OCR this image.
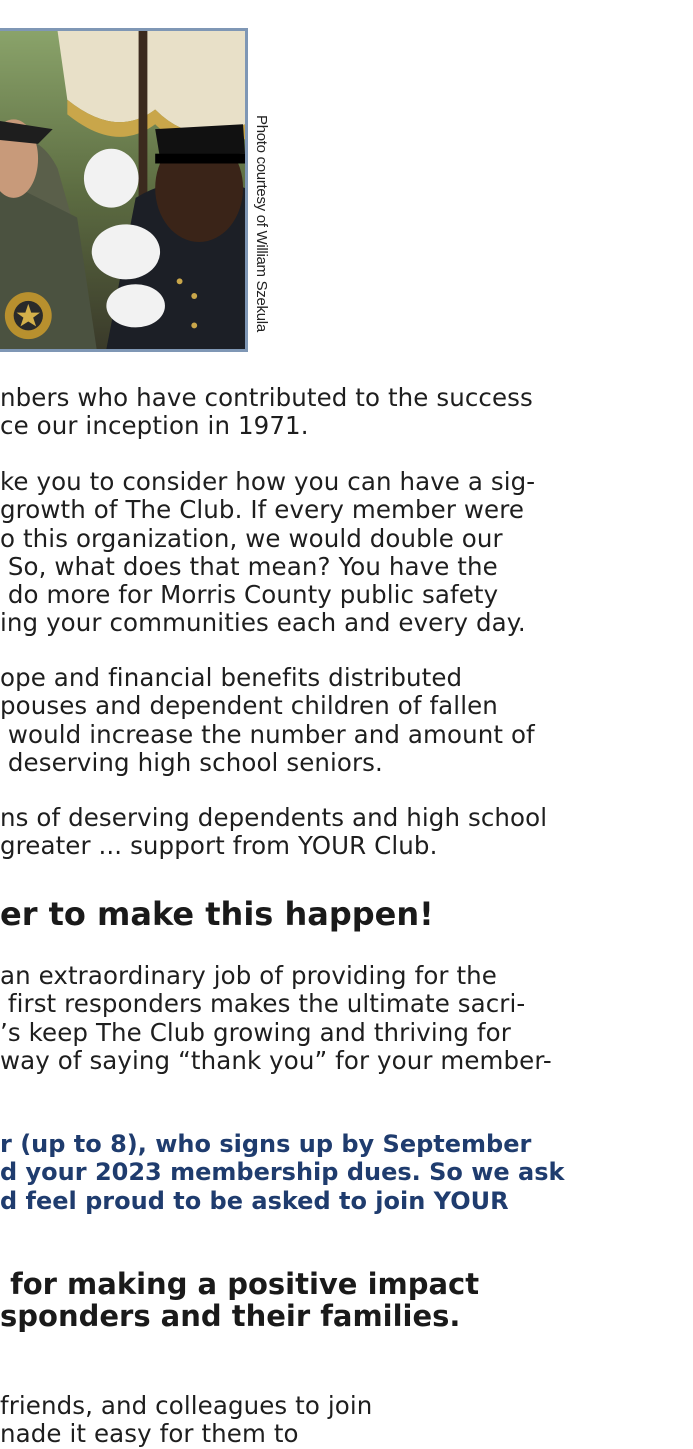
Photo courtesy of William Szekula

nbers who have contributed to the success
ce our inception in 1971.

ke you to consider how you can have a sig-
growth of The Club. If every member were
o this organization, we would double our
So, what does that mean? You have the
do more for Morris County public safety
ing your communities each and every day.

ope and financial benefits distributed
pouses and dependent children of fallen
would increase the number and amount of
deserving high school seniors.

ns of deserving dependents and high school
greater ... support from YOUR Club.

er to make this happen!

an extraordinary job of providing for the
first responders makes the ultimate sacri-
’s keep The Club growing and thriving for
way of saying “thank you” for your member-

r (up to 8), who signs up by September
d your 2023 membership dues. So we ask
d feel proud to be asked to join YOUR

for making a positive impact
sponders and their families.

friends, and colleagues to join
nade it easy for them to
